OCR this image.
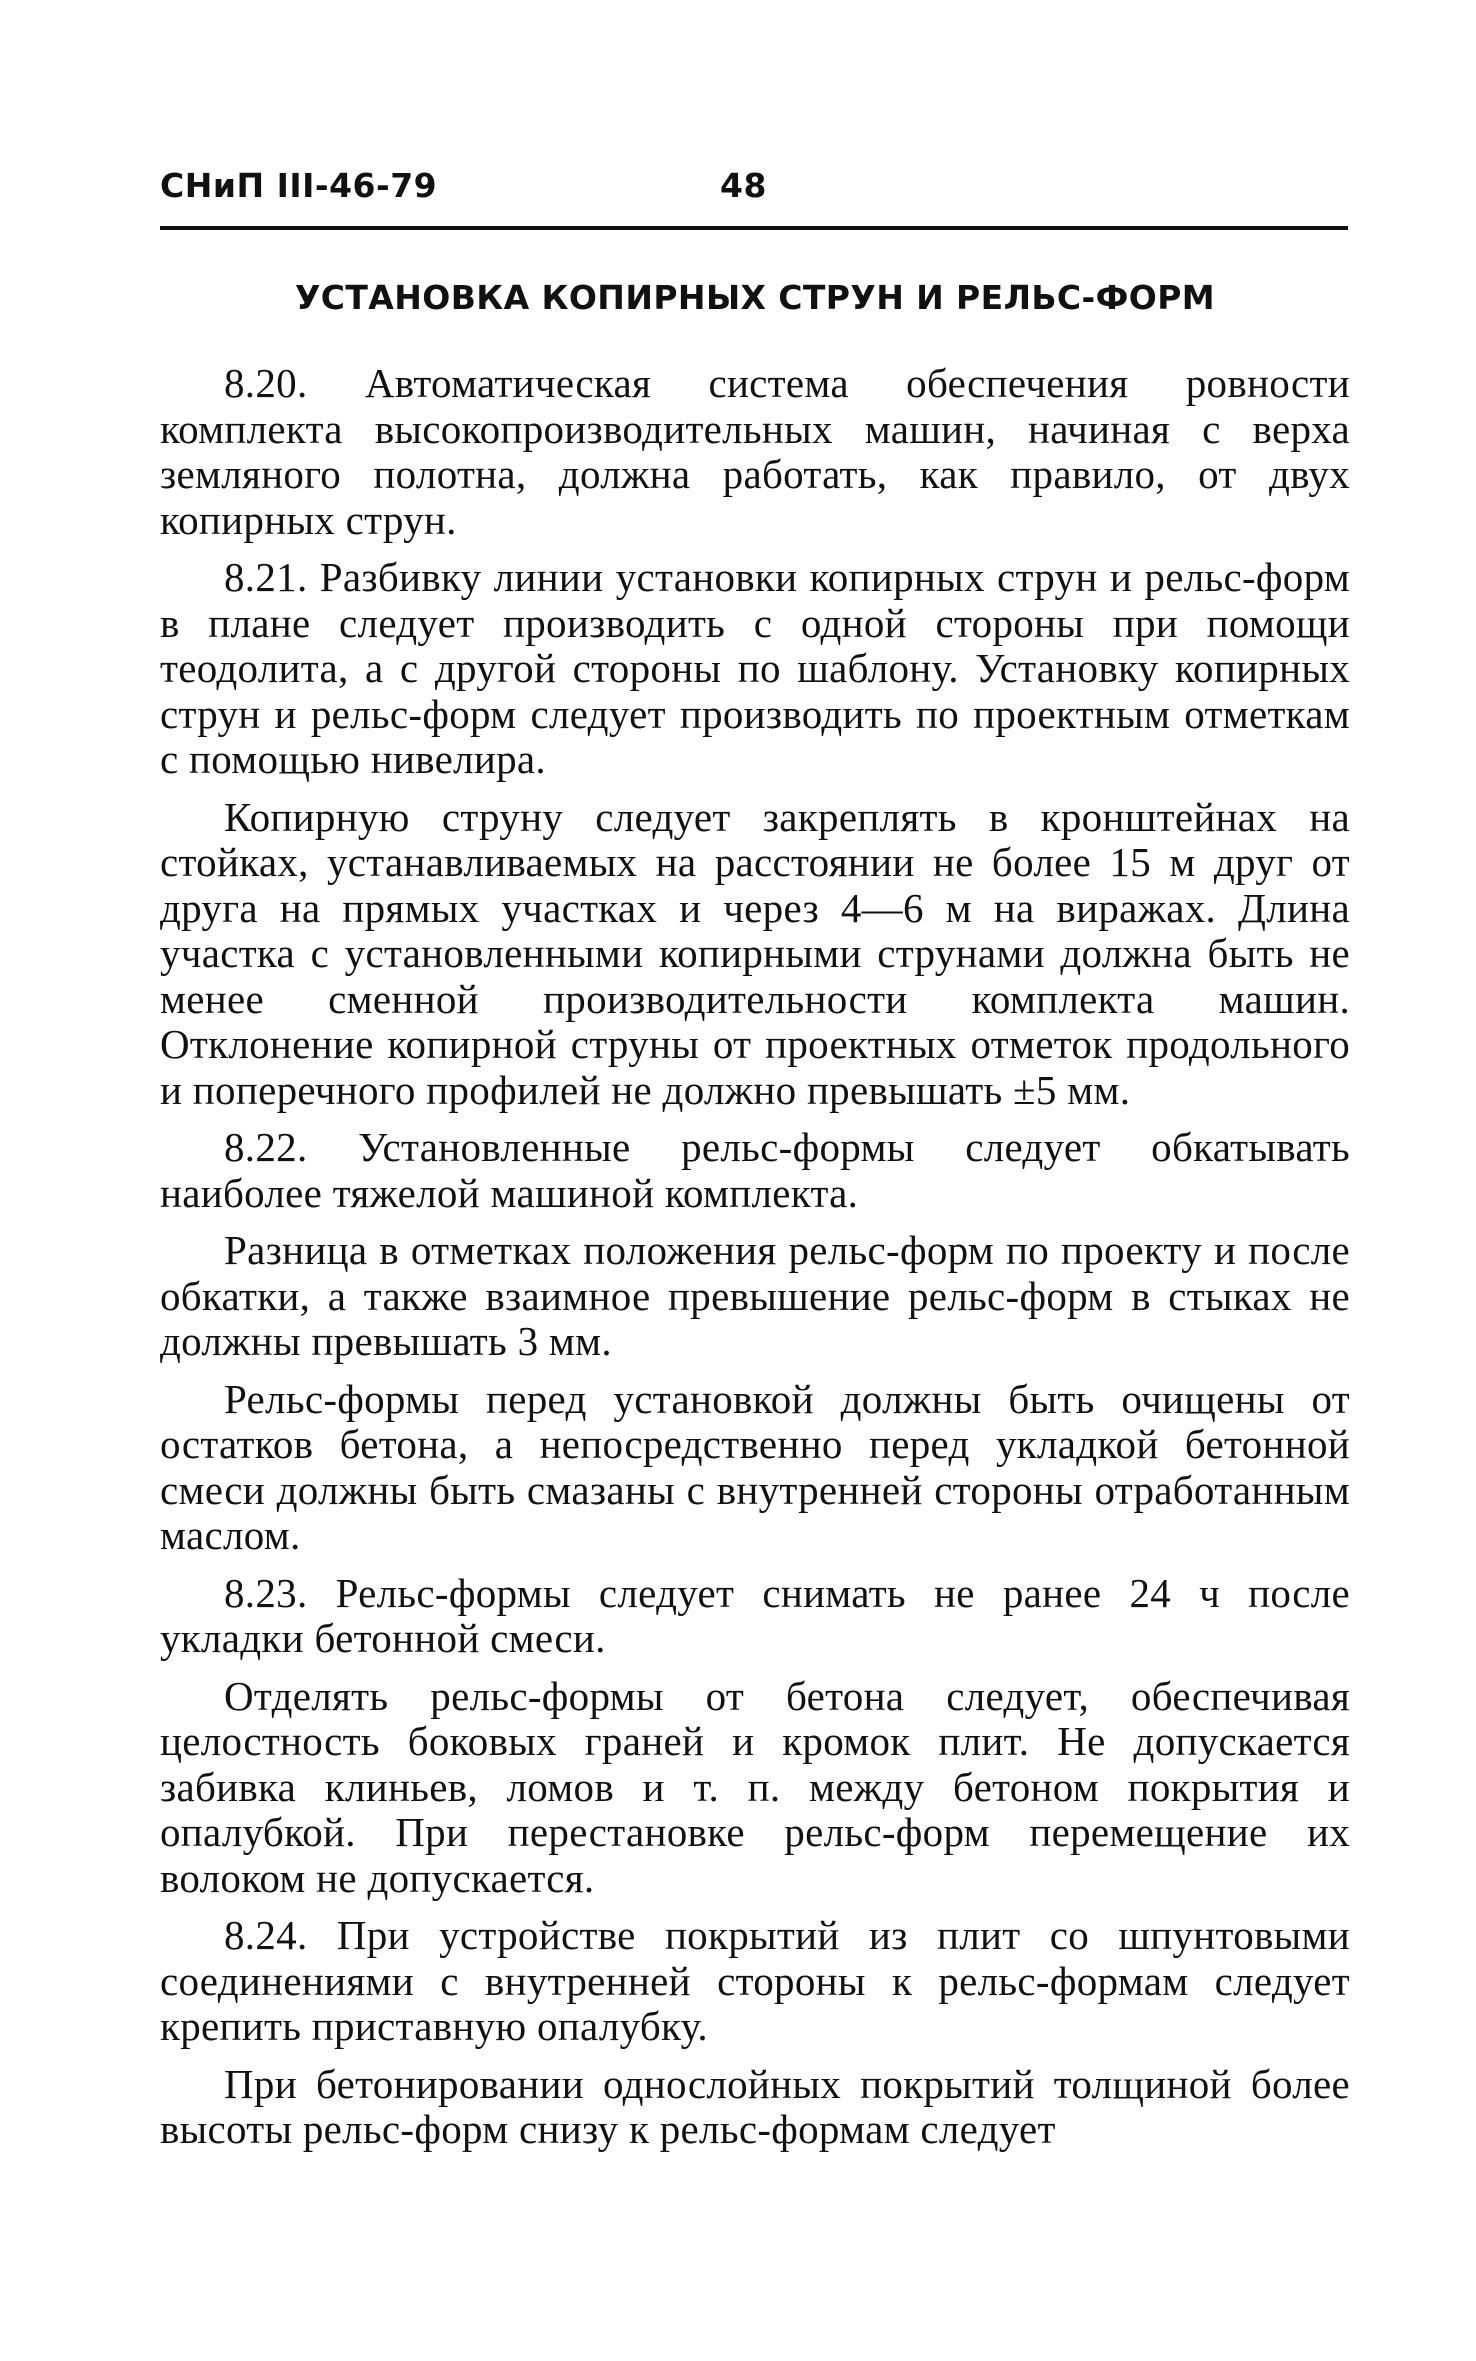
СНиП III-46-79	48
УСТАНОВКА КОПИРНЫХ СТРУН И РЕЛЬС-ФОРМ

8.20. Автоматическая система обеспечения ровности комплекта высокопроизводительных машин, начиная с верха земляного полотна, должна работать, как правило, от двух копирных струн.

8.21. Разбивку линии установки копирных струн и рельс-форм в плане следует производить с одной стороны при помощи теодолита, а с другой стороны по шаблону. Установку копирных струн и рельс-форм следует производить по проектным отметкам с помощью нивелира.

Копирную струну следует закреплять в кронштейнах на стойках, устанавливаемых на расстоянии не более 15 м друг от друга на прямых участках и через 4—6 м на виражах. Длина участка с установленными копирными струнами должна быть не менее сменной производительности комплекта машин. Отклонение копирной струны от проектных отметок продольного и поперечного профилей не должно превышать ±5 мм.

8.22. Установленные рельс-формы следует обкатывать наиболее тяжелой машиной комплекта.

Разница в отметках положения рельс-форм по проекту и после обкатки, а также взаимное превышение рельс-форм в стыках не должны превышать 3 мм.

Рельс-формы перед установкой должны быть очищены от остатков бетона, а непосредственно перед укладкой бетонной смеси должны быть смазаны с внутренней стороны отработанным маслом.

8.23. Рельс-формы следует снимать не ранее 24 ч после укладки бетонной смеси.

Отделять рельс-формы от бетона следует, обеспечивая целостность боковых граней и кромок плит. Не допускается забивка клиньев, ломов и т. п. между бетоном покрытия и опалубкой. При перестановке рельс-форм перемещение их волоком не допускается.

8.24. При устройстве покрытий из плит со шпунтовыми соединениями с внутренней стороны к рельс-формам следует крепить приставную опалубку.

При бетонировании однослойных покрытий толщиной более высоты рельс-форм снизу к рельс-формам следует
